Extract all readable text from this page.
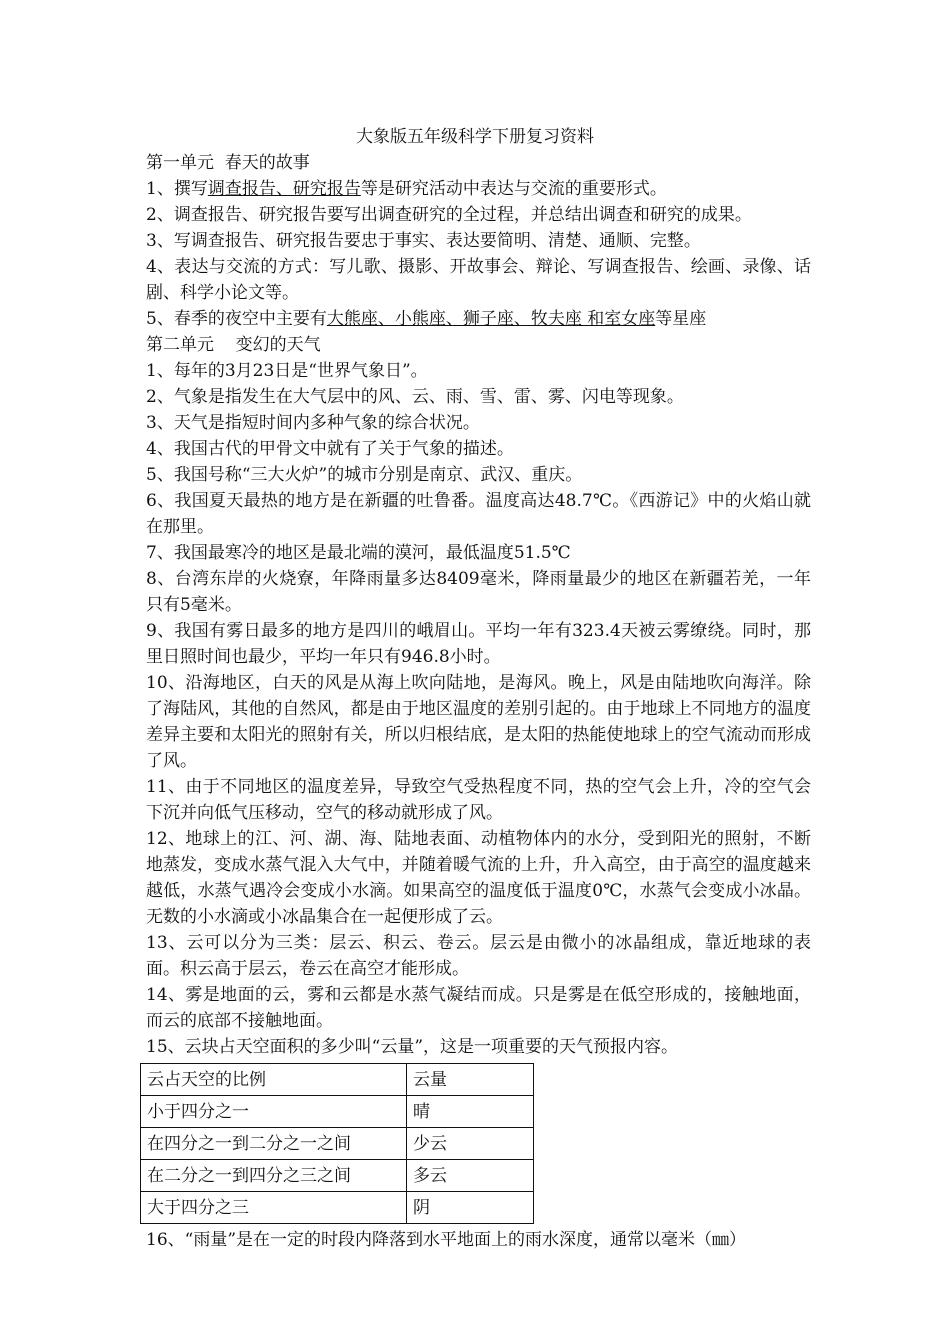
大象版五年级科学下册复习资料

第一单元  春天的故事

1、撰写调查报告、研究报告等是研究活动中表达与交流的重要形式。

2、调查报告、研究报告要写出调查研究的全过程，并总结出调查和研究的成果。

3、写调查报告、研究报告要忠于事实、表达要简明、清楚、通顺、完整。

4、表达与交流的方式：写儿歌、摄影、开故事会、辩论、写调查报告、绘画、录像、话剧、科学小论文等。

5、春季的夜空中主要有大熊座、小熊座、狮子座、牧夫座 和室女座等星座

第二单元    变幻的天气

1、每年的3月23日是“世界气象日”。

2、气象是指发生在大气层中的风、云、雨、雪、雷、雾、闪电等现象。

3、天气是指短时间内多种气象的综合状况。

4、我国古代的甲骨文中就有了关于气象的描述。

5、我国号称“三大火炉”的城市分别是南京、武汉、重庆。

6、我国夏天最热的地方是在新疆的吐鲁番。温度高达48.7℃。《西游记》中的火焰山就在那里。

7、我国最寒冷的地区是最北端的漠河，最低温度51.5℃

8、台湾东岸的火烧寮，年降雨量多达8409毫米，降雨量最少的地区在新疆若羌，一年只有5毫米。

9、我国有雾日最多的地方是四川的峨眉山。平均一年有323.4天被云雾缭绕。同时，那里日照时间也最少，平均一年只有946.8小时。

10、沿海地区，白天的风是从海上吹向陆地，是海风。晚上，风是由陆地吹向海洋。除了海陆风，其他的自然风，都是由于地区温度的差别引起的。由于地球上不同地方的温度差异主要和太阳光的照射有关，所以归根结底，是太阳的热能使地球上的空气流动而形成了风。

11、由于不同地区的温度差异，导致空气受热程度不同，热的空气会上升，冷的空气会下沉并向低气压移动，空气的移动就形成了风。

12、地球上的江、河、湖、海、陆地表面、动植物体内的水分，受到阳光的照射，不断地蒸发，变成水蒸气混入大气中，并随着暖气流的上升，升入高空，由于高空的温度越来越低，水蒸气遇冷会变成小水滴。如果高空的温度低于温度0℃，水蒸气会变成小冰晶。无数的小水滴或小冰晶集合在一起便形成了云。

13、云可以分为三类：层云、积云、卷云。层云是由微小的冰晶组成，靠近地球的表面。积云高于层云，卷云在高空才能形成。

14、雾是地面的云，雾和云都是水蒸气凝结而成。只是雾是在低空形成的，接触地面，而云的底部不接触地面。

15、云块占天空面积的多少叫“云量”，这是一项重要的天气预报内容。

云占天空的比例	云量
小于四分之一	晴
在四分之一到二分之一之间	少云
在二分之一到四分之三之间	多云
大于四分之三	阴

16、“雨量”是在一定的时段内降落到水平地面上的雨水深度，通常以毫米（㎜）
